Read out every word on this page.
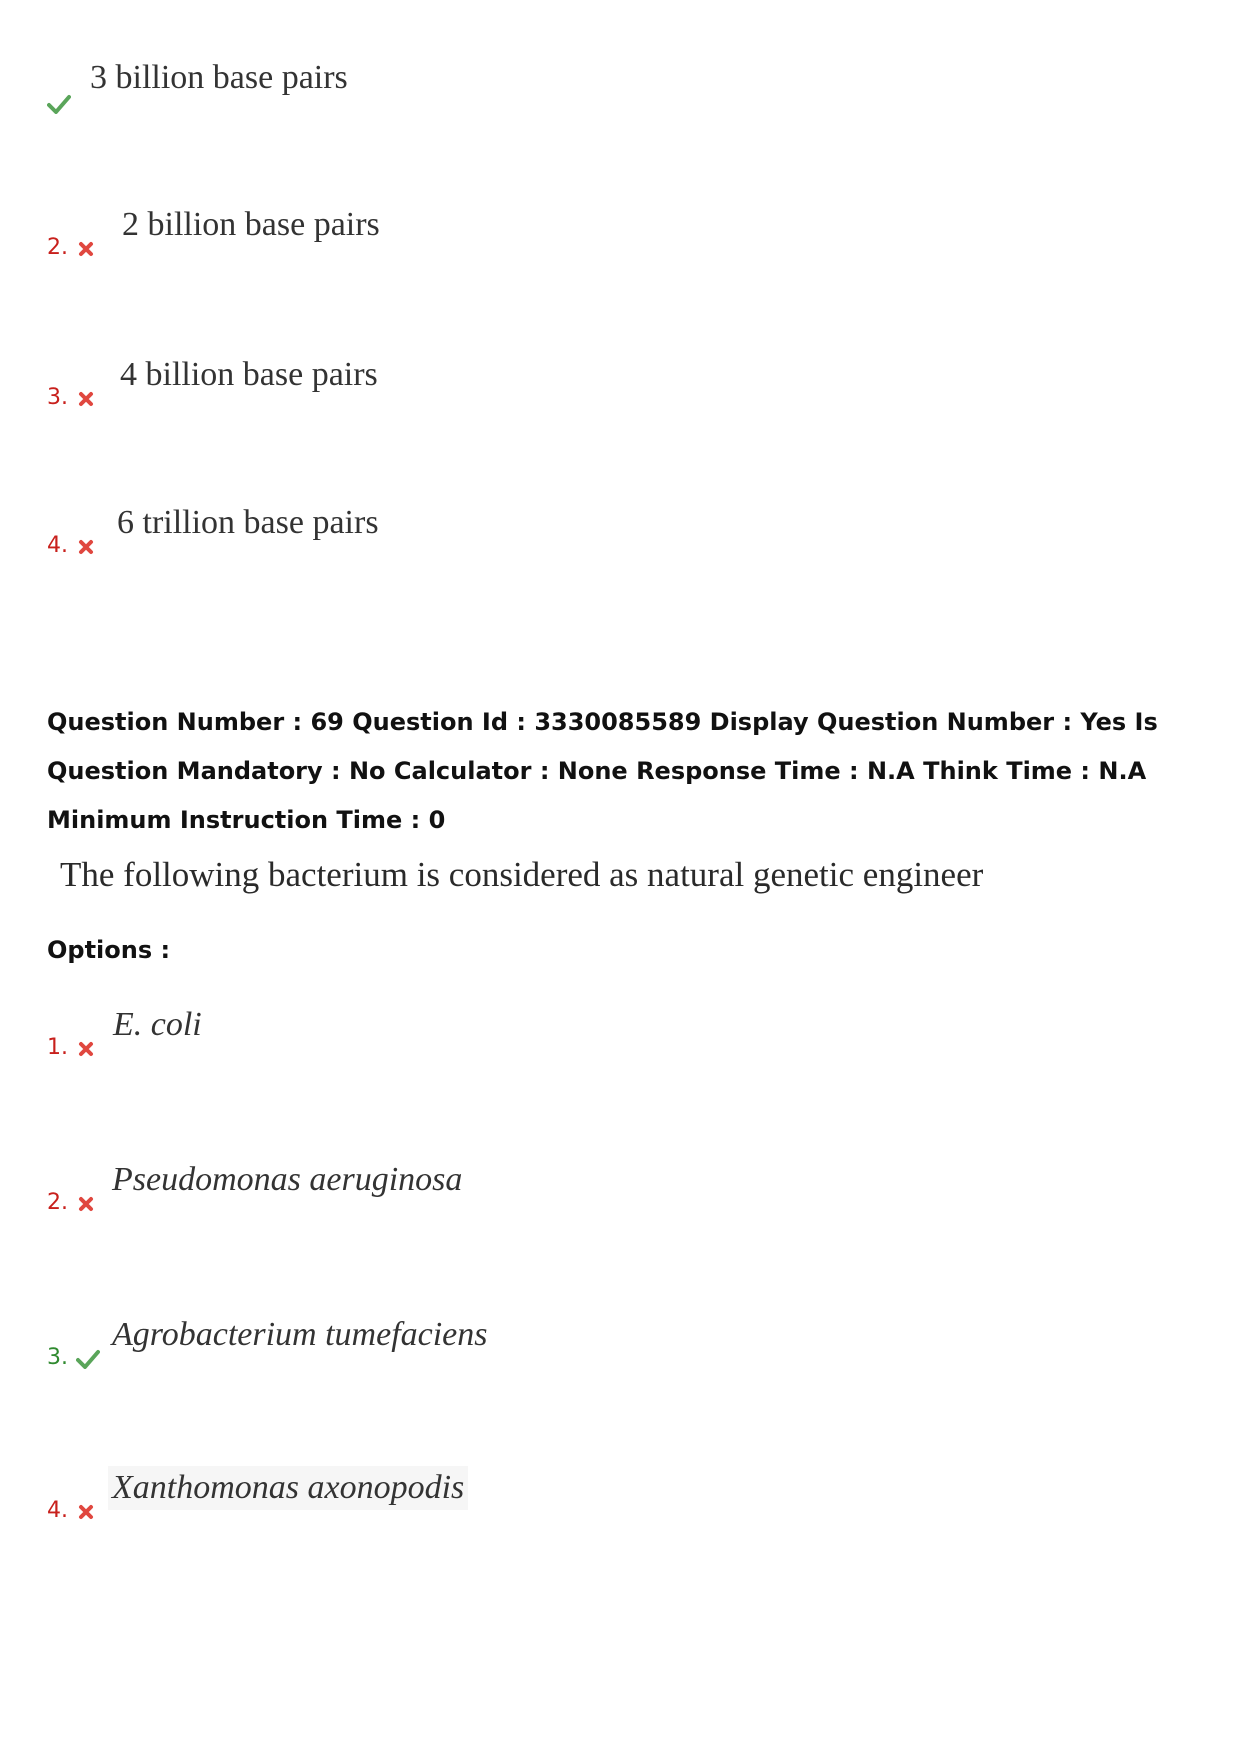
3 billion base pairs
2.
2 billion base pairs
3.
4 billion base pairs
4.
6 trillion base pairs
Question Number : 69 Question Id : 3330085589 Display Question Number : Yes Is Question Mandatory : No Calculator : None Response Time : N.A Think Time : N.A Minimum Instruction Time : 0
The following bacterium is considered as natural genetic engineer
Options :
1.
E. coli
2.
Pseudomonas aeruginosa
3.
Agrobacterium tumefaciens
4.
Xanthomonas axonopodis
